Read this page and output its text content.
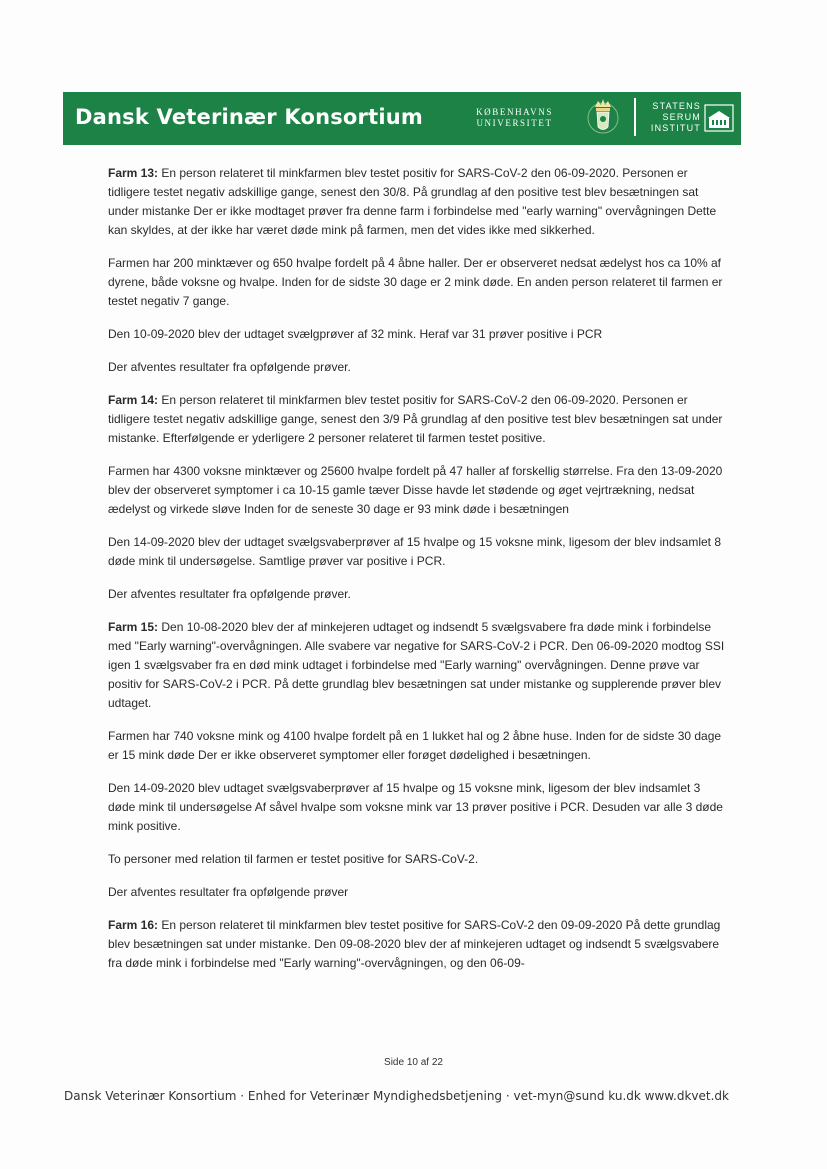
Dansk Veterinær Konsortium	KØBENHAVNS
UNIVERSITET
STATENS
SERUM
INSTITUT

Farm 13: En person relateret til minkfarmen blev testet positiv for SARS-CoV-2 den 06-09-2020. Personen er tidligere testet negativ adskillige gange, senest den 30/8. På grundlag af den positive test blev besætningen sat under mistanke Der er ikke modtaget prøver fra denne farm i forbindelse med "early warning" overvågningen Dette kan skyldes, at der ikke har været døde mink på farmen, men det vides ikke med sikkerhed.

Farmen har 200 minktæver og 650 hvalpe fordelt på 4 åbne haller. Der er observeret nedsat ædelyst hos ca 10% af dyrene, både voksne og hvalpe. Inden for de sidste 30 dage er 2 mink døde. En anden person relateret til farmen er testet negativ 7 gange.

Den 10-09-2020 blev der udtaget svælgprøver af 32 mink. Heraf var 31 prøver positive i PCR

Der afventes resultater fra opfølgende prøver.

Farm 14: En person relateret til minkfarmen blev testet positiv for SARS-CoV-2 den 06-09-2020. Personen er tidligere testet negativ adskillige gange, senest den 3/9 På grundlag af den positive test blev besætningen sat under mistanke. Efterfølgende er yderligere 2 personer relateret til farmen testet positive.

Farmen har 4300 voksne minktæver og 25600 hvalpe fordelt på 47 haller af forskellig størrelse. Fra den 13-09-2020 blev der observeret symptomer i ca 10-15 gamle tæver Disse havde let stødende og øget vejrtrækning, nedsat ædelyst og virkede sløve Inden for de seneste 30 dage er 93 mink døde i besætningen

Den 14-09-2020 blev der udtaget svælgsvaberprøver af 15 hvalpe og 15 voksne mink, ligesom der blev indsamlet 8 døde mink til undersøgelse. Samtlige prøver var positive i PCR.

Der afventes resultater fra opfølgende prøver.

Farm 15: Den 10-08-2020 blev der af minkejeren udtaget og indsendt 5 svælgsvabere fra døde mink i forbindelse med "Early warning"-overvågningen. Alle svabere var negative for SARS-CoV-2 i PCR. Den 06-09-2020 modtog SSI igen 1 svælgsvaber fra en død mink udtaget i forbindelse med "Early warning" overvågningen. Denne prøve var positiv for SARS-CoV-2 i PCR. På dette grundlag blev besætningen sat under mistanke og supplerende prøver blev udtaget.

Farmen har 740 voksne mink og 4100 hvalpe fordelt på en 1 lukket hal og 2 åbne huse. Inden for de sidste 30 dage er 15 mink døde Der er ikke observeret symptomer eller forøget dødelighed i besætningen.

Den 14-09-2020 blev udtaget svælgsvaberprøver af 15 hvalpe og 15 voksne mink, ligesom der blev indsamlet 3 døde mink til undersøgelse Af såvel hvalpe som voksne mink var 13 prøver positive i PCR. Desuden var alle 3 døde mink positive.

To personer med relation til farmen er testet positive for SARS-CoV-2.

Der afventes resultater fra opfølgende prøver

Farm 16: En person relateret til minkfarmen blev testet positive for SARS-CoV-2 den 09-09-2020 På dette grundlag blev besætningen sat under mistanke. Den 09-08-2020 blev der af minkejeren udtaget og indsendt 5 svælgsvabere fra døde mink i forbindelse med "Early warning"-overvågningen, og den 06-09-

Side 10 af 22
Dansk Veterinær Konsortium · Enhed for Veterinær Myndighedsbetjening · vet-myn@sund ku.dk www.dkvet.dk
